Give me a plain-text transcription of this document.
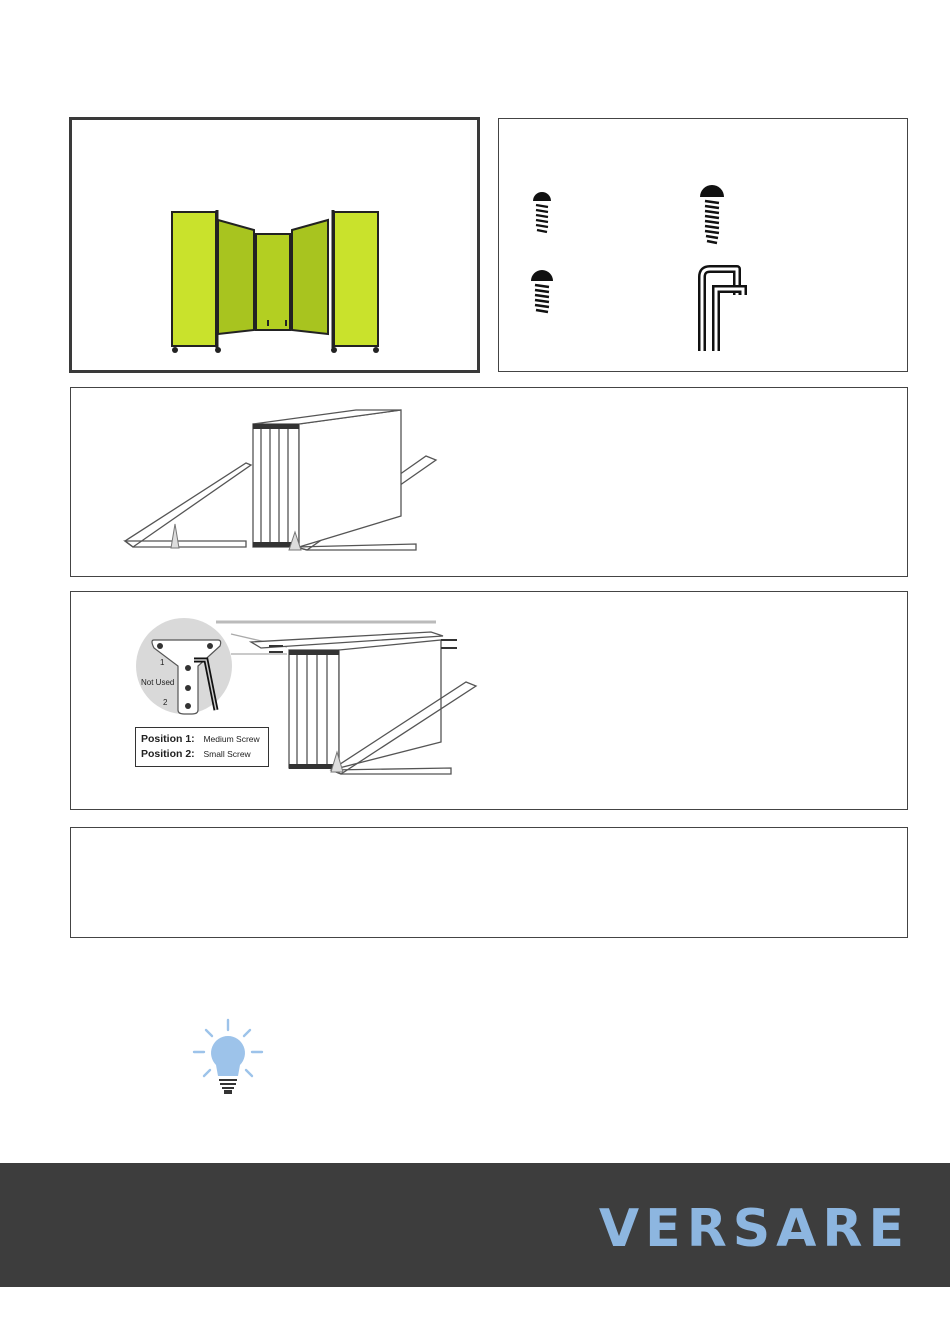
1
Not Used
2
Position 1: Medium Screw
Position 2: Small Screw
VERSARE
